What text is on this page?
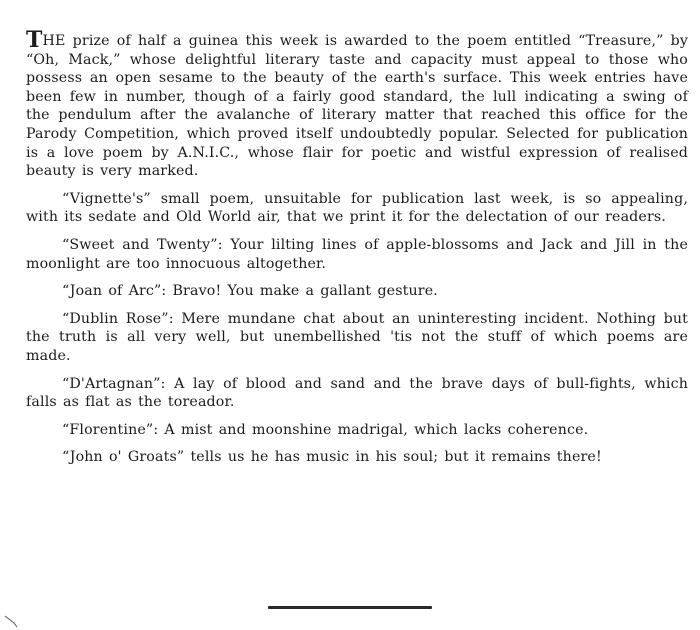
THE prize of half a guinea this week is awarded to the poem entitled “Treasure,” by “Oh, Mack,” whose delightful literary taste and capacity must appeal to those who possess an open sesame to the beauty of the earth's surface. This week entries have been few in number, though of a fairly good standard, the lull indicating a swing of the pendulum after the avalanche of literary matter that reached this office for the Parody Competition, which proved itself undoubtedly popular. Selected for publication is a love poem by A.N.I.C., whose flair for poetic and wistful expression of realised beauty is very marked.

“Vignette's” small poem, unsuitable for publication last week, is so appealing, with its sedate and Old World air, that we print it for the delectation of our readers.

“Sweet and Twenty”: Your lilting lines of apple-blossoms and Jack and Jill in the moonlight are too innocuous altogether.

“Joan of Arc”: Bravo! You make a gallant gesture.

“Dublin Rose”: Mere mundane chat about an uninteresting incident. Nothing but the truth is all very well, but unembellished 'tis not the stuff of which poems are made.

“D'Artagnan”: A lay of blood and sand and the brave days of bull-fights, which falls as flat as the toreador.

“Florentine”: A mist and moonshine madrigal, which lacks coherence.

“John o' Groats” tells us he has music in his soul; but it remains there!
